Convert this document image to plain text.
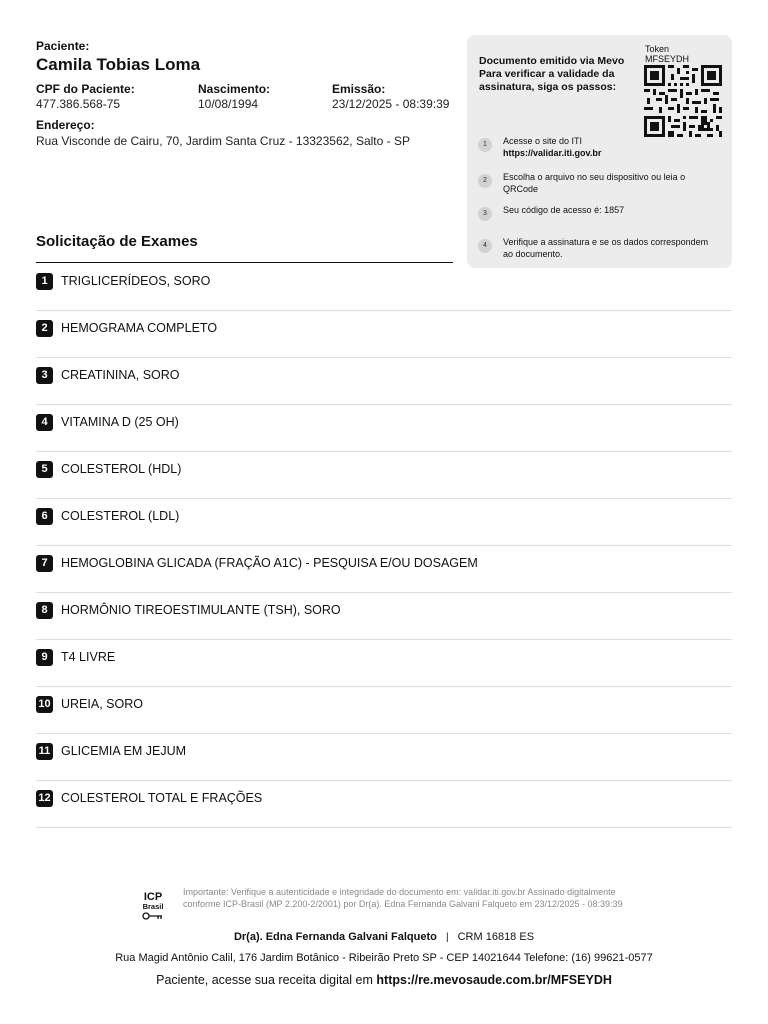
Paciente:
Camila Tobias Loma
CPF do Paciente:
477.386.568-75
Nascimento:
10/08/1994
Emissão:
23/12/2025 - 08:39:39
Endereço:
Rua Visconde de Cairu, 70, Jardim Santa Cruz - 13323562, Salto - SP
Documento emitido via Mevo Para verificar a validade da assinatura, siga os passos:
Token
MFSEYDH
1	Acesse o site do ITI
https://validar.iti.gov.br
2	Escolha o arquivo no seu dispositivo ou leia o QRCode
3	Seu código de acesso é: 1857
4	Verifique a assinatura e se os dados correspondem ao documento.
Solicitação de Exames
1	TRIGLICERÍDEOS, SORO
2	HEMOGRAMA COMPLETO
3	CREATININA, SORO
4	VITAMINA D (25 OH)
5	COLESTEROL (HDL)
6	COLESTEROL (LDL)
7	HEMOGLOBINA GLICADA (FRAÇÃO A1C) - PESQUISA E/OU DOSAGEM
8	HORMÔNIO TIREOESTIMULANTE (TSH), SORO
9	T4 LIVRE
10 UREIA, SORO
11 GLICEMIA EM JEJUM
12 COLESTEROL TOTAL E FRAÇÕES
ICP
Brasil
Importante: Verifique a autenticidade e integridade do documento em: validar.iti.gov.br Assinado digitalmente conforme ICP-Brasil (MP 2.200-2/2001) por Dr(a). Edna Fernanda Galvani Falqueto em 23/12/2025 - 08:39:39
Dr(a). Edna Fernanda Galvani Falqueto | CRM 16818 ES
Rua Magid Antônio Calil, 176 Jardim Botânico - Ribeirão Preto SP - CEP 14021644 Telefone: (16) 99621-0577
Paciente, acesse sua receita digital em https://re.mevosaude.com.br/MFSEYDH
